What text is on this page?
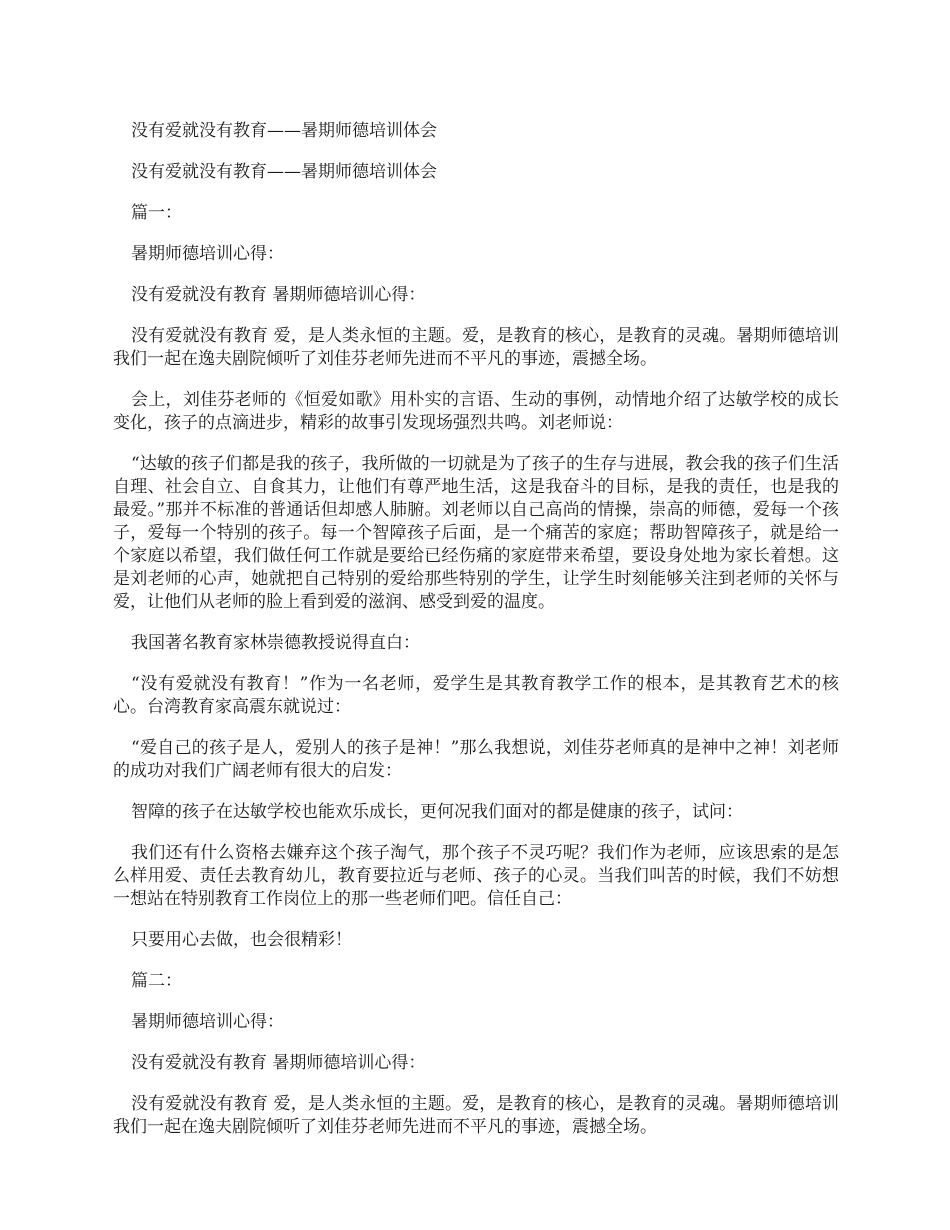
没有爱就没有教育——暑期师德培训体会

没有爱就没有教育——暑期师德培训体会

篇一：

暑期师德培训心得：

没有爱就没有教育 暑期师德培训心得：

没有爱就没有教育 爱，是人类永恒的主题。爱，是教育的核心，是教育的灵魂。暑期师德培训我们一起在逸夫剧院倾听了刘佳芬老师先进而不平凡的事迹，震撼全场。

会上，刘佳芬老师的《恒爱如歌》用朴实的言语、生动的事例，动情地介绍了达敏学校的成长变化，孩子的点滴进步，精彩的故事引发现场强烈共鸣。刘老师说：

“达敏的孩子们都是我的孩子，我所做的一切就是为了孩子的生存与进展，教会我的孩子们生活自理、社会自立、自食其力，让他们有尊严地生活，这是我奋斗的目标，是我的责任，也是我的最爱。”那并不标准的普通话但却感人肺腑。刘老师以自己高尚的情操，崇高的师德，爱每一个孩子，爱每一个特别的孩子。每一个智障孩子后面，是一个痛苦的家庭；帮助智障孩子，就是给一个家庭以希望，我们做任何工作就是要给已经伤痛的家庭带来希望，要设身处地为家长着想。这是刘老师的心声，她就把自己特别的爱给那些特别的学生，让学生时刻能够关注到老师的关怀与爱，让他们从老师的脸上看到爱的滋润、感受到爱的温度。

我国著名教育家林崇德教授说得直白：

“没有爱就没有教育！”作为一名老师，爱学生是其教育教学工作的根本，是其教育艺术的核心。台湾教育家高震东就说过：

“爱自己的孩子是人，爱别人的孩子是神！”那么我想说，刘佳芬老师真的是神中之神！刘老师的成功对我们广阔老师有很大的启发：

智障的孩子在达敏学校也能欢乐成长，更何况我们面对的都是健康的孩子，试问：

我们还有什么资格去嫌弃这个孩子淘气，那个孩子不灵巧呢？我们作为老师，应该思索的是怎么样用爱、责任去教育幼儿，教育要拉近与老师、孩子的心灵。当我们叫苦的时候，我们不妨想一想站在特别教育工作岗位上的那一些老师们吧。信任自己：

只要用心去做，也会很精彩！

篇二：

暑期师德培训心得：

没有爱就没有教育 暑期师德培训心得：

没有爱就没有教育 爱，是人类永恒的主题。爱，是教育的核心，是教育的灵魂。暑期师德培训我们一起在逸夫剧院倾听了刘佳芬老师先进而不平凡的事迹，震撼全场。
